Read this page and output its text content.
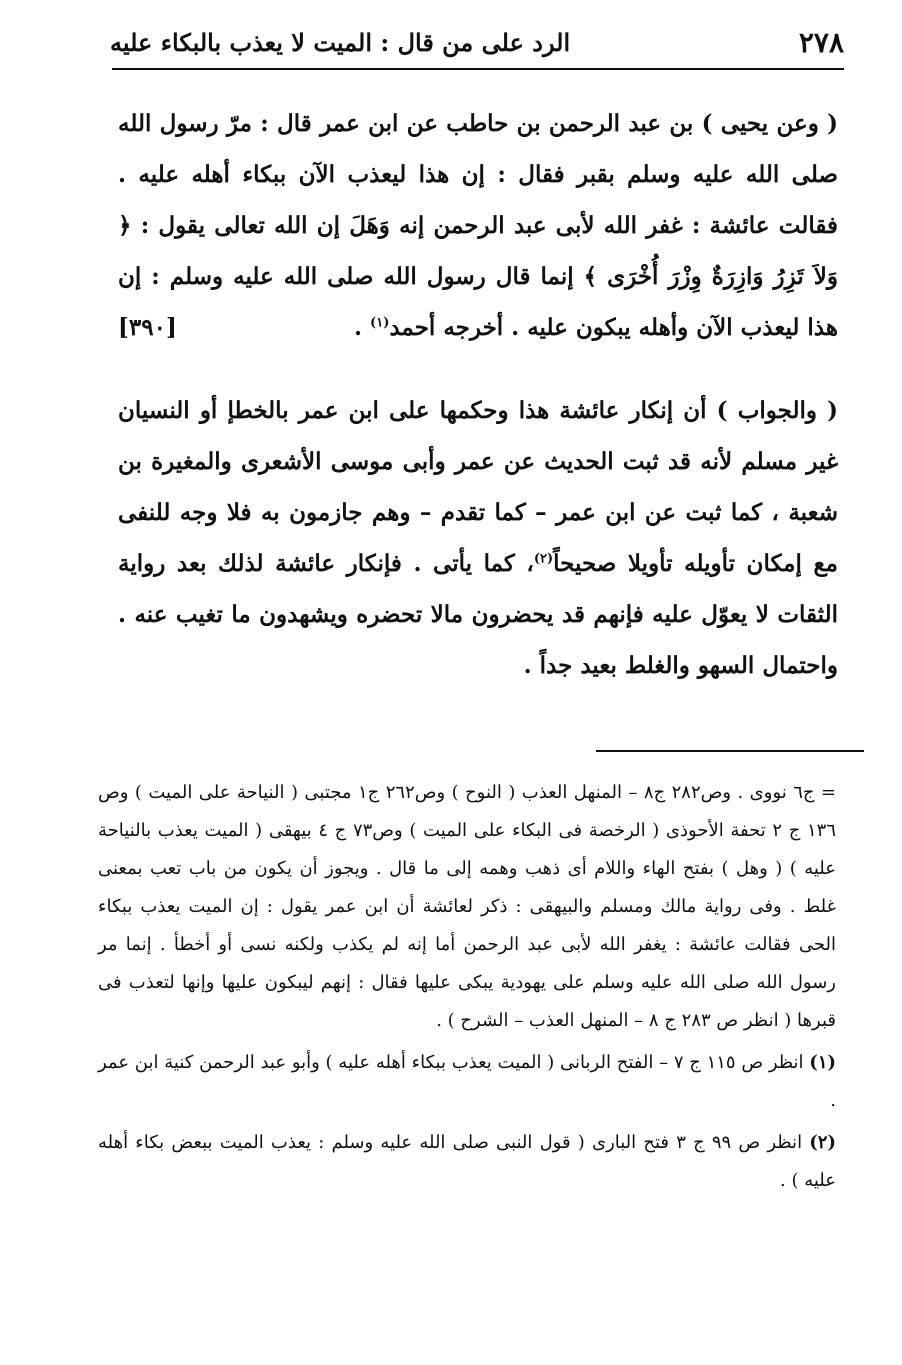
٢٧٨
الرد على من قال : الميت لا يعذب بالبكاء عليه

( وعن يحيى ) بن عبد الرحمن بن حاطب عن ابن عمر قال : مرّ رسول الله صلى الله عليه وسلم بقبر فقال : إن هذا ليعذب الآن ببكاء أهله عليه . فقالت عائشة : غفر الله لأبى عبد الرحمن إنه وَهَلَ إن الله تعالى يقول : ﴿ وَلاَ تَزِرُ وَازِرَةٌ وِزْرَ أُخْرَى ﴾ إنما قال رسول الله صلى الله عليه وسلم : إن هذا ليعذب الآن وأهله يبكون عليه . أخرجه أحمد$^{(١)}$ .
[٣٩٠]

( والجواب ) أن إنكار عائشة هذا وحكمها على ابن عمر بالخطإ أو النسيان غير مسلم لأنه قد ثبت الحديث عن عمر وأبى موسى الأشعرى والمغيرة بن شعبة ، كما ثبت عن ابن عمر – كما تقدم – وهم جازمون به فلا وجه للنفى مع إمكان تأويله تأويلا صحيحاً$^{(٢)}$، كما يأتى . فإنكار عائشة لذلك بعد رواية الثقات لا يعوّل عليه فإنهم قد يحضرون مالا تحضره ويشهدون ما تغيب عنه . واحتمال السهو والغلط بعيد جداً .

= ج٦ نووى . وص٢٨٢ ج٨ – المنهل العذب ( النوح ) وص٢٦٢ ج١ مجتبى ( النياحة على الميت ) وص ١٣٦ ج ٢ تحفة الأحوذى ( الرخصة فى البكاء على الميت ) وص٧٣ ج ٤ بيهقى ( الميت يعذب بالنياحة عليه ) ( وهل ) بفتح الهاء واللام أى ذهب وهمه إلى ما قال . ويجوز أن يكون من باب تعب بمعنى غلط . وفى رواية مالك ومسلم والبيهقى : ذكر لعائشة أن ابن عمر يقول : إن الميت يعذب ببكاء الحى فقالت عائشة : يغفر الله لأبى عبد الرحمن أما إنه لم يكذب ولكنه نسى أو أخطأ . إنما مر رسول الله صلى الله عليه وسلم على يهودية يبكى عليها فقال : إنهم ليبكون عليها وإنها لتعذب فى قبرها ( انظر ص ٢٨٣ ج ٨ – المنهل العذب – الشرح ) .

(١) انظر ص ١١٥ ج ٧ – الفتح الربانى ( الميت يعذب ببكاء أهله عليه ) وأبو عبد الرحمن كنية ابن عمر .

(٢) انظر ص ٩٩ ج ٣ فتح البارى ( قول النبى صلى الله عليه وسلم : يعذب الميت ببعض بكاء أهله عليه ) .
